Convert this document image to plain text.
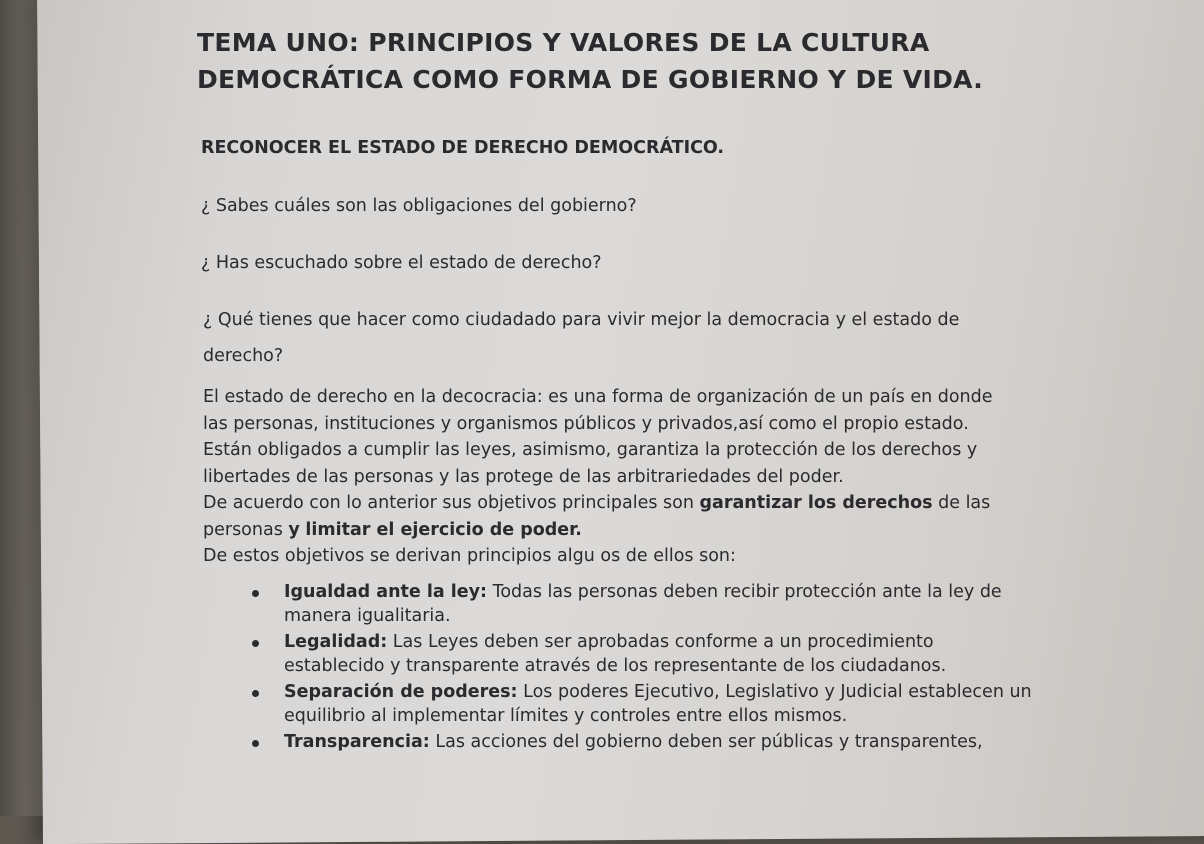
TEMA UNO: PRINCIPIOS Y VALORES DE LA CULTURA
DEMOCRÁTICA COMO FORMA DE GOBIERNO Y DE VIDA.
RECONOCER EL ESTADO DE DERECHO DEMOCRÁTICO.

¿ Sabes cuáles son las obligaciones del gobierno?

¿ Has escuchado sobre el estado de derecho?

¿ Qué tienes que hacer como ciudadado para vivir mejor la democracia y el estado de
derecho?

El estado de derecho en la decocracia: es una forma de organización de un país en donde
las personas, instituciones y organismos públicos y privados,así como el propio estado.
Están obligados a cumplir las leyes, asimismo, garantiza la protección de los derechos y
libertades de las personas y las protege de las arbitrariedades del poder.
De acuerdo con lo anterior sus objetivos principales son garantizar los derechos de las
personas y limitar el ejercicio de poder.
De estos objetivos se derivan principios algu os de ellos son:

Igualdad ante la ley: Todas las personas deben recibir protección ante la ley de
manera igualitaria.
Legalidad: Las Leyes deben ser aprobadas conforme a un procedimiento
establecido y transparente através de los representante de los ciudadanos.
Separación de poderes: Los poderes Ejecutivo, Legislativo y Judicial establecen un
equilibrio al implementar límites y controles entre ellos mismos.
Transparencia: Las acciones del gobierno deben ser públicas y transparentes,
